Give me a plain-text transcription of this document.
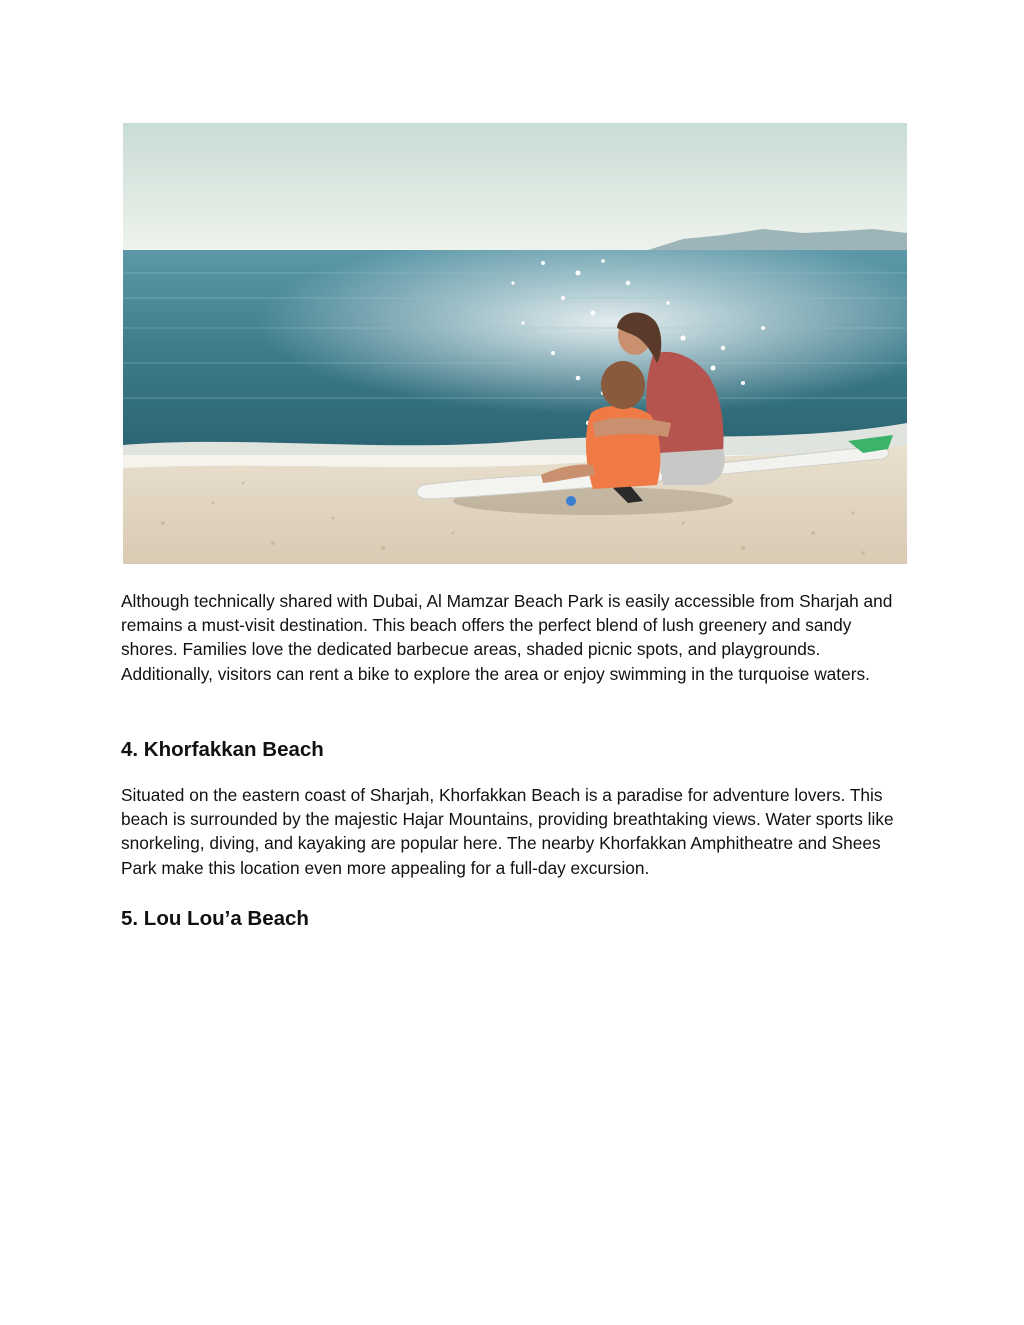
Although technically shared with Dubai, Al Mamzar Beach Park is easily accessible from Sharjah and remains a must-visit destination. This beach offers the perfect blend of lush greenery and sandy shores. Families love the dedicated barbecue areas, shaded picnic spots, and playgrounds. Additionally, visitors can rent a bike to explore the area or enjoy swimming in the turquoise waters.

4. Khorfakkan Beach

Situated on the eastern coast of Sharjah, Khorfakkan Beach is a paradise for adventure lovers. This beach is surrounded by the majestic Hajar Mountains, providing breathtaking views. Water sports like snorkeling, diving, and kayaking are popular here. The nearby Khorfakkan Amphitheatre and Shees Park make this location even more appealing for a full-day excursion.

5. Lou Lou’a Beach
